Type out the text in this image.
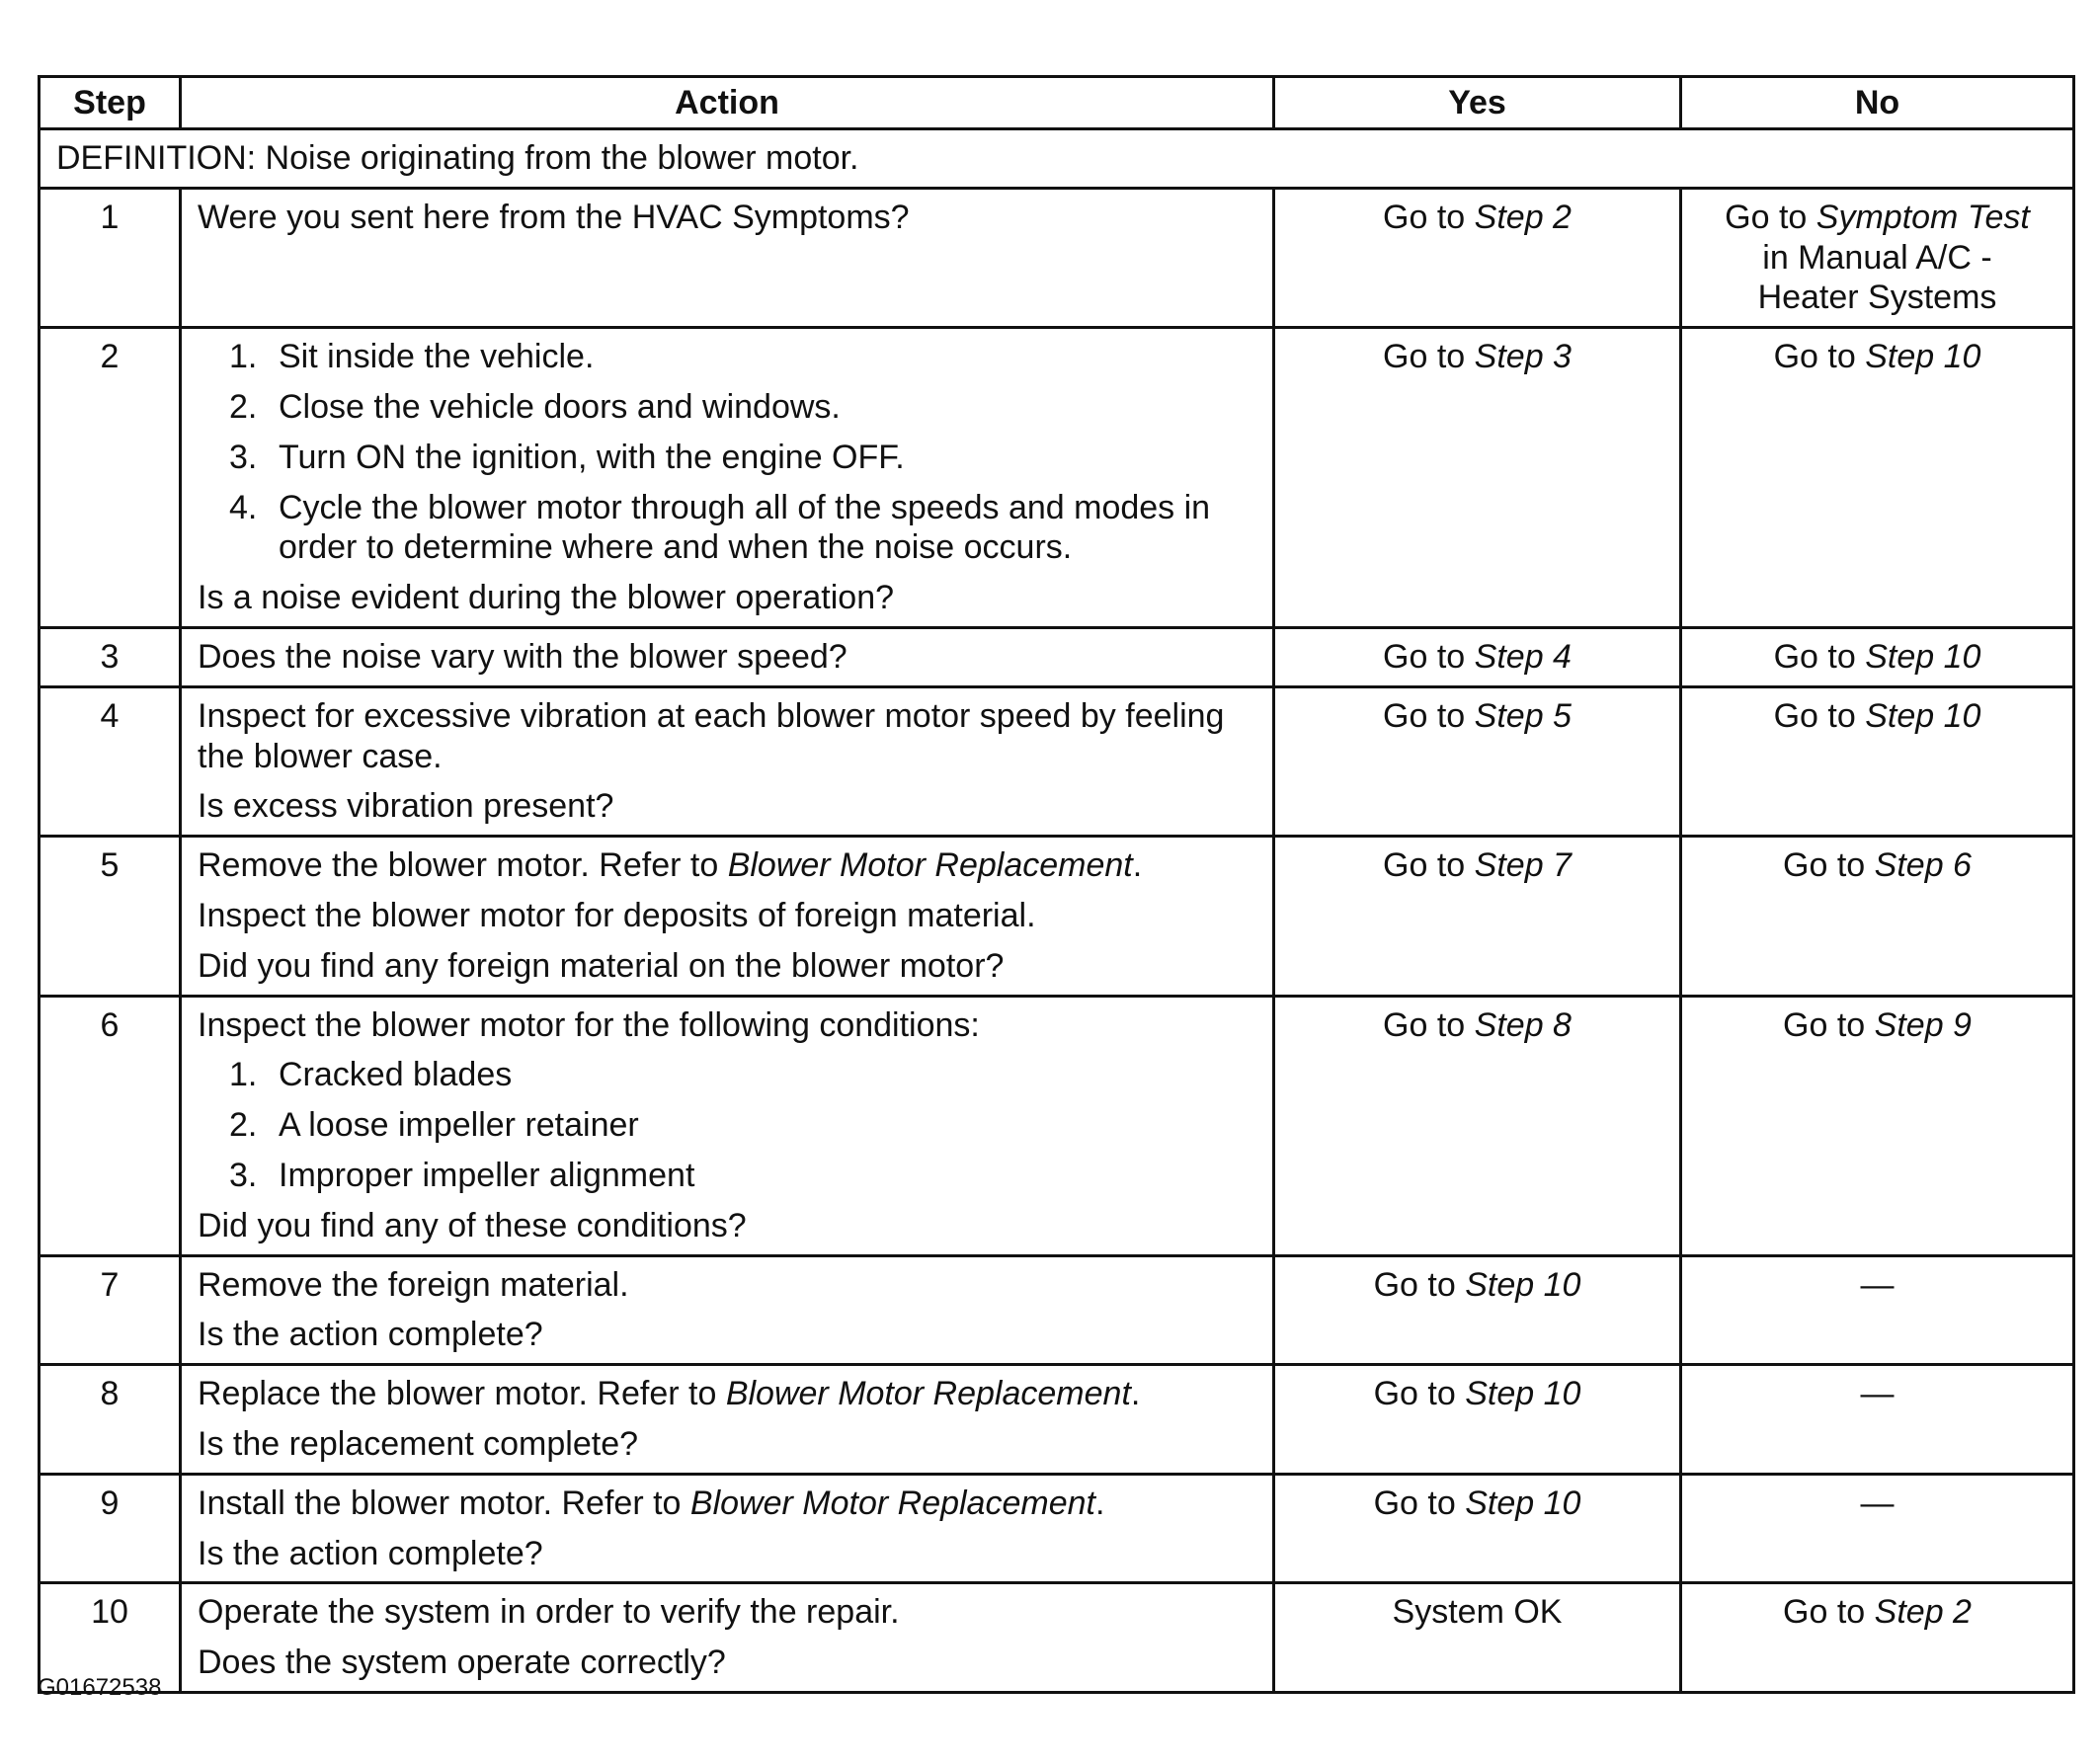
Step	Action	Yes	No
DEFINITION: Noise originating from the blower motor.			
1	Were you sent here from the HVAC Symptoms?	Go to Step 2	Go to Symptom Test
in Manual A/C -
Heater Systems
2	1. Sit inside the vehicle.
2. Close the vehicle doors and windows.
3. Turn ON the ignition, with the engine OFF.
4. Cycle the blower motor through all of the speeds and modes in order to determine where and when the noise occurs.
Is a noise evident during the blower operation?	Go to Step 3	Go to Step 10
3	Does the noise vary with the blower speed?	Go to Step 4	Go to Step 10
4	Inspect for excessive vibration at each blower motor speed by feeling the blower case.
Is excess vibration present?	Go to Step 5	Go to Step 10
5	Remove the blower motor. Refer to Blower Motor Replacement.
Inspect the blower motor for deposits of foreign material.
Did you find any foreign material on the blower motor?	Go to Step 7	Go to Step 6
6	Inspect the blower motor for the following conditions:
1. Cracked blades
2. A loose impeller retainer
3. Improper impeller alignment
Did you find any of these conditions?	Go to Step 8	Go to Step 9
7	Remove the foreign material.
Is the action complete?	Go to Step 10	—

8	Replace the blower motor. Refer to Blower Motor Replacement.
Is the replacement complete?	Go to Step 10	—

9	Install the blower motor. Refer to Blower Motor Replacement.
Is the action complete?	Go to Step 10	—

10	Operate the system in order to verify the repair.
Does the system operate correctly?	System OK	Go to Step 2
G01672538
